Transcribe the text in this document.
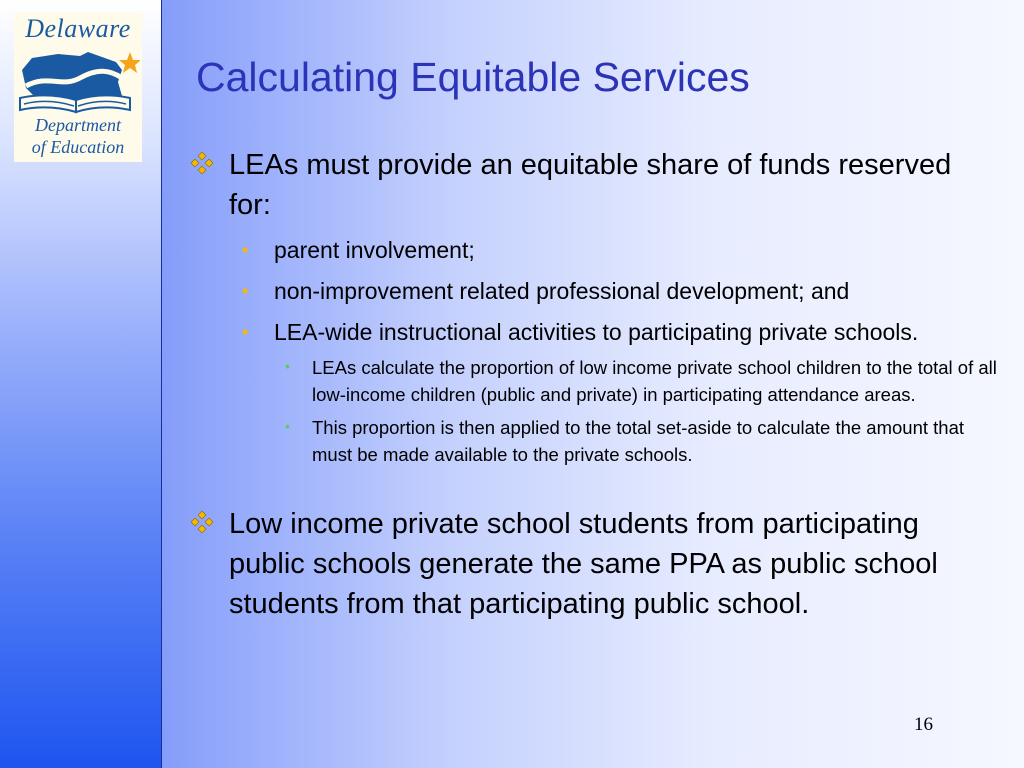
Delaware
Department
of Education
Calculating Equitable Services
LEAs must provide an equitable share of funds reserved for:
• parent involvement;
• non-improvement related professional development; and
• LEA-wide instructional activities to participating private schools.
• LEAs calculate the proportion of low income private school children to the total of all low-income children (public and private) in participating attendance areas.
• This proportion is then applied to the total set-aside to calculate the amount that must be made available to the private schools.
Low income private school students from participating public schools generate the same PPA as public school students from that participating public school.
16
